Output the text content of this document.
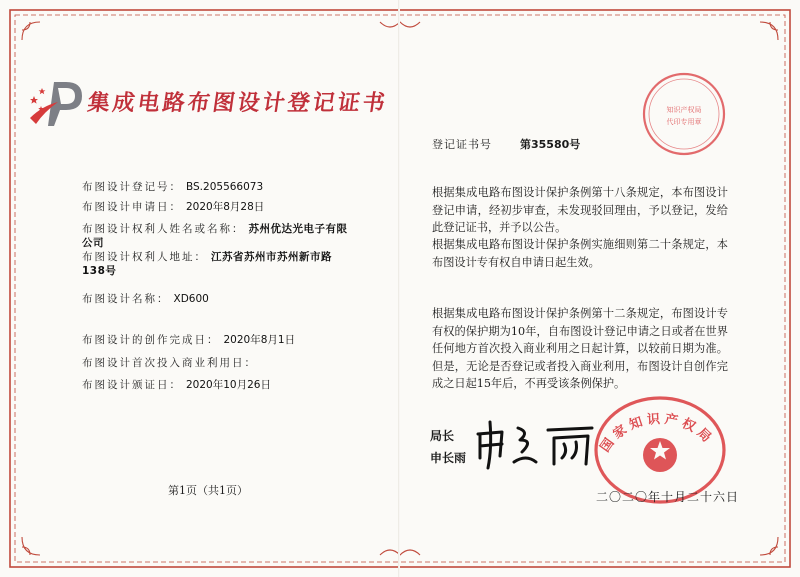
集成电路布图设计登记证书
布图设计登记号： BS.205566073
布图设计申请日： 2020年8月28日
布图设计权利人姓名或名称： 苏州优达光电子有限
公司
布图设计权利人地址： 江苏省苏州市苏州新市路
138号
布图设计名称： XD600
布图设计的创作完成日： 2020年8月1日
布图设计首次投入商业利用日：
布图设计颁证日： 2020年10月26日
第1页（共1页）
知识产权局
代印专用章
登记证书号	第35580号
根据集成电路布图设计保护条例第十八条规定，本布图设计登记申请，经初步审查，未发现驳回理由，予以登记，发给此登记证书，并予以公告。
根据集成电路布图设计保护条例实施细则第二十条规定，本布图设计专有权自申请日起生效。
根据集成电路布图设计保护条例第十二条规定，布图设计专有权的保护期为10年，自布图设计登记申请之日或者在世界任何地方首次投入商业利用之日起计算，以较前日期为准。但是，无论是否登记或者投入商业利用，布图设计自创作完成之日起15年后，不再受该条例保护。
局长
申长雨
国家知识产权局
二〇二〇年十月二十六日
